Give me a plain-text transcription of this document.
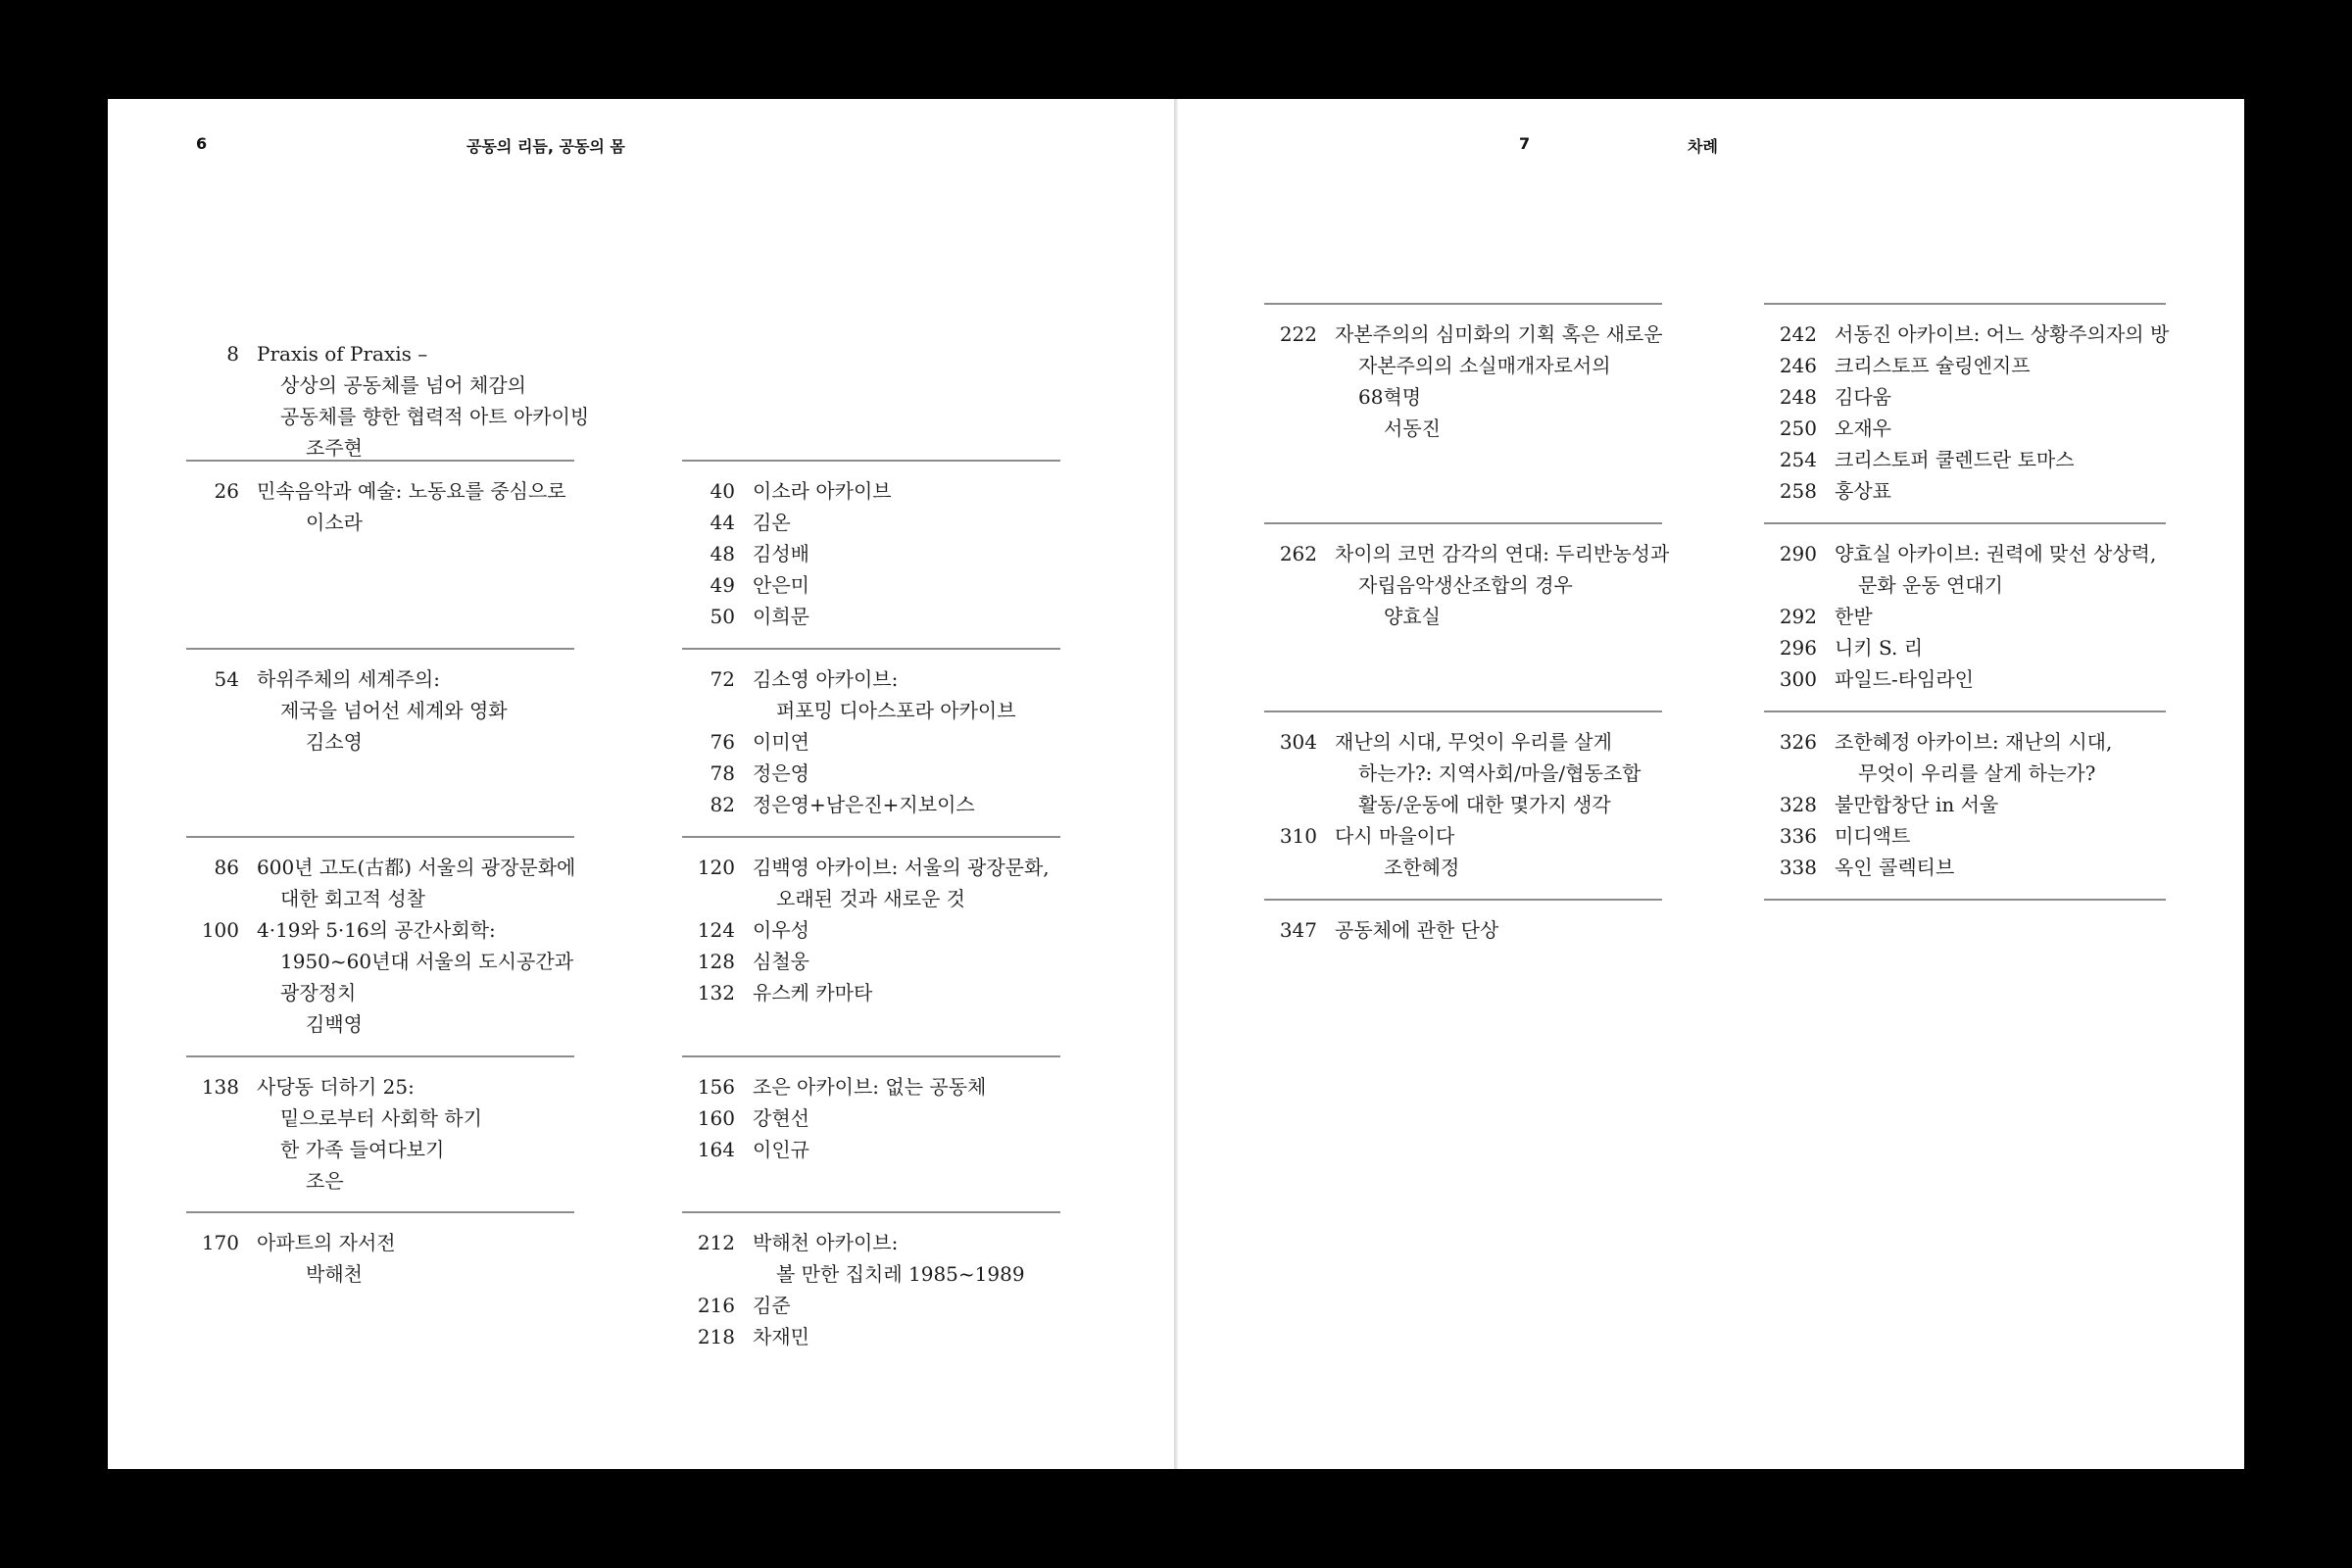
6	공동의 리듬, 공동의 몸
8 Praxis of Praxis –
상상의 공동체를 넘어 체감의
공동체를 향한 협력적 아트 아카이빙
조주현
26 민속음악과 예술: 노동요를 중심으로
이소라
54 하위주체의 세계주의:
제국을 넘어선 세계와 영화
김소영
86 600년 고도(古都) 서울의 광장문화에
대한 회고적 성찰
100 4·19와 5·16의 공간사회학:
1950~60년대 서울의 도시공간과
광장정치
김백영
138 사당동 더하기 25:
밑으로부터 사회학 하기
한 가족 들여다보기
조은
170 아파트의 자서전
박해천
40 이소라 아카이브
44 김온
48 김성배
49 안은미
50 이희문
72 김소영 아카이브:
퍼포밍 디아스포라 아카이브
76 이미연
78 정은영
82 정은영+남은진+지보이스
120 김백영 아카이브: 서울의 광장문화,
오래된 것과 새로운 것
124 이우성
128 심철웅
132 유스케 카마타
156 조은 아카이브: 없는 공동체
160 강현선
164 이인규
212 박해천 아카이브:
볼 만한 집치레 1985~1989
216 김준
218 차재민
7	차례
222 자본주의의 심미화의 기획 혹은 새로운
자본주의의 소실매개자로서의
68혁명
서동진
262 차이의 코먼 감각의 연대: 두리반농성과
자립음악생산조합의 경우
양효실
304 재난의 시대, 무엇이 우리를 살게
하는가?: 지역사회/마을/협동조합
활동/운동에 대한 몇가지 생각
310 다시 마을이다
조한혜정
347 공동체에 관한 단상
242 서동진 아카이브: 어느 상황주의자의 방
246 크리스토프 슐링엔지프
248 김다움
250 오재우
254 크리스토퍼 쿨렌드란 토마스
258 홍상표
290 양효실 아카이브: 권력에 맞선 상상력,
문화 운동 연대기
292 한받
296 니키 S. 리
300 파일드-타임라인
326 조한혜정 아카이브: 재난의 시대,
무엇이 우리를 살게 하는가?
328 불만합창단 in 서울
336 미디액트
338 옥인 콜렉티브
